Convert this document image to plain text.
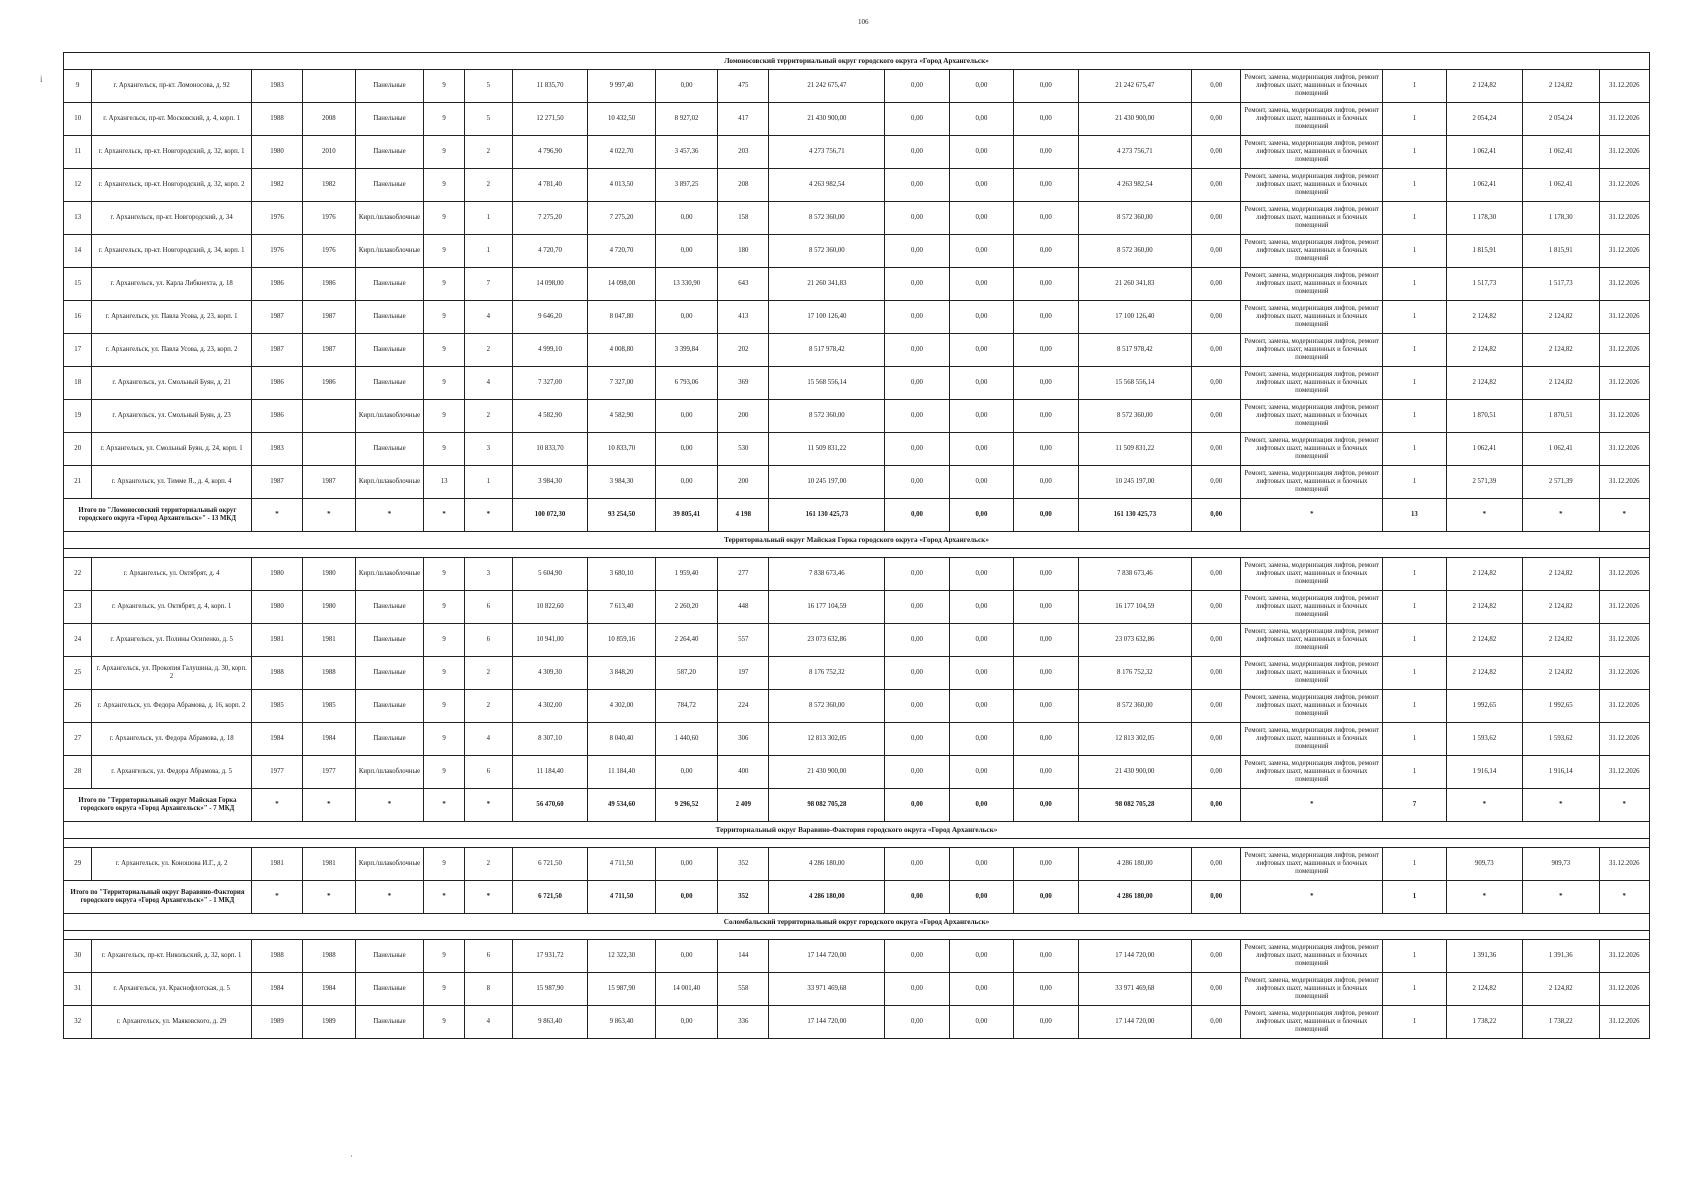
106
i
·
Ломоносовский территориальный округ городского округа «Город Архангельск»																					
9	г. Архангельск, пр-кт. Ломоносова, д. 92	1983		Панельные	9	5	11 835,70	9 997,40	0,00	475	21 242 675,47	0,00	0,00	0,00	21 242 675,47	0,00	Ремонт, замена, модернизация лифтов, ремонт лифтовых шахт, машинных и блочных помещений	1	2 124,82	2 124,82	31.12.2026
10	г. Архангельск, пр-кт. Московский, д. 4, корп. 1	1988	2008	Панельные	9	5	12 271,50	10 432,50	8 927,02	417	21 430 900,00	0,00	0,00	0,00	21 430 900,00	0,00	Ремонт, замена, модернизация лифтов, ремонт лифтовых шахт, машинных и блочных помещений	1	2 054,24	2 054,24	31.12.2026
11	г. Архангельск, пр-кт. Новгородский, д. 32, корп. 1	1980	2010	Панельные	9	2	4 796,90	4 022,70	3 457,36	203	4 273 756,71	0,00	0,00	0,00	4 273 756,71	0,00	Ремонт, замена, модернизация лифтов, ремонт лифтовых шахт, машинных и блочных помещений	1	1 062,41	1 062,41	31.12.2026
12	г. Архангельск, пр-кт. Новгородский, д. 32, корп. 2	1982	1982	Панельные	9	2	4 781,40	4 013,50	3 897,25	208	4 263 982,54	0,00	0,00	0,00	4 263 982,54	0,00	Ремонт, замена, модернизация лифтов, ремонт лифтовых шахт, машинных и блочных помещений	1	1 062,41	1 062,41	31.12.2026
13	г. Архангельск, пр-кт. Новгородский, д. 34	1976	1976	Кирп./шлакоблочные	9	1	7 275,20	7 275,20	0,00	158	8 572 360,00	0,00	0,00	0,00	8 572 360,00	0,00	Ремонт, замена, модернизация лифтов, ремонт лифтовых шахт, машинных и блочных помещений	1	1 178,30	1 178,30	31.12.2026
14	г. Архангельск, пр-кт. Новгородский, д. 34, корп. 1	1976	1976	Кирп./шлакоблочные	9	1	4 720,70	4 720,70	0,00	180	8 572 360,00	0,00	0,00	0,00	8 572 360,00	0,00	Ремонт, замена, модернизация лифтов, ремонт лифтовых шахт, машинных и блочных помещений	1	1 815,91	1 815,91	31.12.2026
15	г. Архангельск, ул. Карла Либкнехта, д. 18	1986	1986	Панельные	9	7	14 098,00	14 098,00	13 330,90	643	21 260 341,83	0,00	0,00	0,00	21 260 341,83	0,00	Ремонт, замена, модернизация лифтов, ремонт лифтовых шахт, машинных и блочных помещений	1	1 517,73	1 517,73	31.12.2026
16	г. Архангельск, ул. Павла Усова, д. 23, корп. 1	1987	1987	Панельные	9	4	9 646,20	8 047,80	0,00	413	17 100 126,40	0,00	0,00	0,00	17 100 126,40	0,00	Ремонт, замена, модернизация лифтов, ремонт лифтовых шахт, машинных и блочных помещений	1	2 124,82	2 124,82	31.12.2026
17	г. Архангельск, ул. Павла Усова, д. 23, корп. 2	1987	1987	Панельные	9	2	4 999,10	4 008,80	3 399,84	202	8 517 978,42	0,00	0,00	0,00	8 517 978,42	0,00	Ремонт, замена, модернизация лифтов, ремонт лифтовых шахт, машинных и блочных помещений	1	2 124,82	2 124,82	31.12.2026
18	г. Архангельск, ул. Смольный Буян, д. 21	1986	1986	Панельные	9	4	7 327,00	7 327,00	6 793,06	369	15 568 556,14	0,00	0,00	0,00	15 568 556,14	0,00	Ремонт, замена, модернизация лифтов, ремонт лифтовых шахт, машинных и блочных помещений	1	2 124,82	2 124,82	31.12.2026
19	г. Архангельск, ул. Смольный Буян, д. 23	1986		Кирп./шлакоблочные	9	2	4 582,90	4 582,90	0,00	200	8 572 360,00	0,00	0,00	0,00	8 572 360,00	0,00	Ремонт, замена, модернизация лифтов, ремонт лифтовых шахт, машинных и блочных помещений	1	1 870,51	1 870,51	31.12.2026
20	г. Архангельск, ул. Смольный Буян, д. 24, корп. 1	1983		Панельные	9	3	10 833,70	10 833,70	0,00	530	11 509 831,22	0,00	0,00	0,00	11 509 831,22	0,00	Ремонт, замена, модернизация лифтов, ремонт лифтовых шахт, машинных и блочных помещений	1	1 062,41	1 062,41	31.12.2026
21	г. Архангельск, ул. Тимме Я., д. 4, корп. 4	1987	1987	Кирп./шлакоблочные	13	1	3 984,30	3 984,30	0,00	200	10 245 197,00	0,00	0,00	0,00	10 245 197,00	0,00	Ремонт, замена, модернизация лифтов, ремонт лифтовых шахт, машинных и блочных помещений	1	2 571,39	2 571,39	31.12.2026
Итого по "Ломоносовский территориальный округ городского округа «Город Архангельск»" - 13 МКД		*	*	*	*	*	100 072,30	93 254,50	39 805,41	4 198	161 130 425,73	0,00	0,00	0,00	161 130 425,73	0,00	*	13	*	*	*
Территориальный округ Майская Горка городского округа «Город Архангельск»																					

22	г. Архангельск, ул. Октябрят, д. 4	1980	1980	Кирп./шлакоблочные	9	3	5 604,90	3 680,10	1 959,40	277	7 838 673,46	0,00	0,00	0,00	7 838 673,46	0,00	Ремонт, замена, модернизация лифтов, ремонт лифтовых шахт, машинных и блочных помещений	1	2 124,82	2 124,82	31.12.2026
23	г. Архангельск, ул. Октябрят, д. 4, корп. 1	1980	1980	Панельные	9	6	10 822,60	7 613,40	2 260,20	448	16 177 104,59	0,00	0,00	0,00	16 177 104,59	0,00	Ремонт, замена, модернизация лифтов, ремонт лифтовых шахт, машинных и блочных помещений	1	2 124,82	2 124,82	31.12.2026
24	г. Архангельск, ул. Полины Осипенко, д. 5	1981	1981	Панельные	9	6	10 941,00	10 859,16	2 264,40	557	23 073 632,86	0,00	0,00	0,00	23 073 632,86	0,00	Ремонт, замена, модернизация лифтов, ремонт лифтовых шахт, машинных и блочных помещений	1	2 124,82	2 124,82	31.12.2026
25	г. Архангельск, ул. Прокопия Галушина, д. 30, корп. 2	1988	1988	Панельные	9	2	4 309,30	3 848,20	587,20	197	8 176 752,32	0,00	0,00	0,00	8 176 752,32	0,00	Ремонт, замена, модернизация лифтов, ремонт лифтовых шахт, машинных и блочных помещений	1	2 124,82	2 124,82	31.12.2026
26	г. Архангельск, ул. Федора Абрамова, д. 16, корп. 2	1985	1985	Панельные	9	2	4 302,00	4 302,00	784,72	224	8 572 360,00	0,00	0,00	0,00	8 572 360,00	0,00	Ремонт, замена, модернизация лифтов, ремонт лифтовых шахт, машинных и блочных помещений	1	1 992,65	1 992,65	31.12.2026
27	г. Архангельск, ул. Федора Абрамова, д. 18	1984	1984	Панельные	9	4	8 307,10	8 040,40	1 440,60	306	12 813 302,05	0,00	0,00	0,00	12 813 302,05	0,00	Ремонт, замена, модернизация лифтов, ремонт лифтовых шахт, машинных и блочных помещений	1	1 593,62	1 593,62	31.12.2026
28	г. Архангельск, ул. Федора Абрамова, д. 5	1977	1977	Кирп./шлакоблочные	9	6	11 184,40	11 184,40	0,00	400	21 430 900,00	0,00	0,00	0,00	21 430 900,00	0,00	Ремонт, замена, модернизация лифтов, ремонт лифтовых шахт, машинных и блочных помещений	1	1 916,14	1 916,14	31.12.2026
Итого по "Территориальный округ Майская Горка городского округа «Город Архангельск»" - 7 МКД		*	*	*	*	*	56 470,60	49 534,60	9 296,52	2 409	98 082 705,28	0,00	0,00	0,00	98 082 705,28	0,00	*	7	*	*	*
Территориальный округ Варавино-Фактория городского округа «Город Архангельск»																					

29	г. Архангельск, ул. Коношова И.Г., д. 2	1981	1981	Кирп./шлакоблочные	9	2	6 721,50	4 711,50	0,00	352	4 286 180,00	0,00	0,00	0,00	4 286 180,00	0,00	Ремонт, замена, модернизация лифтов, ремонт лифтовых шахт, машинных и блочных помещений	1	909,73	909,73	31.12.2026
Итого по "Территориальный округ Варавино-Фактория городского округа «Город Архангельск»" - 1 МКД		*	*	*	*	*	6 721,50	4 711,50	0,00	352	4 286 180,00	0,00	0,00	0,00	4 286 180,00	0,00	*	1	*	*	*
Соломбальский территориальный округ городского округа «Город Архангельск»																					

30	г. Архангельск, пр-кт. Никольский, д. 32, корп. 1	1988	1988	Панельные	9	6	17 931,72	12 322,30	0,00	144	17 144 720,00	0,00	0,00	0,00	17 144 720,00	0,00	Ремонт, замена, модернизация лифтов, ремонт лифтовых шахт, машинных и блочных помещений	1	1 391,36	1 391,36	31.12.2026
31	г. Архангельск, ул. Краснофлотская, д. 5	1984	1984	Панельные	9	8	15 987,90	15 987,90	14 001,40	558	33 971 469,68	0,00	0,00	0,00	33 971 469,68	0,00	Ремонт, замена, модернизация лифтов, ремонт лифтовых шахт, машинных и блочных помещений	1	2 124,82	2 124,82	31.12.2026
32	г. Архангельск, ул. Маяковского, д. 29	1989	1989	Панельные	9	4	9 863,40	9 863,40	0,00	336	17 144 720,00	0,00	0,00	0,00	17 144 720,00	0,00	Ремонт, замена, модернизация лифтов, ремонт лифтовых шахт, машинных и блочных помещений	1	1 738,22	1 738,22	31.12.2026
